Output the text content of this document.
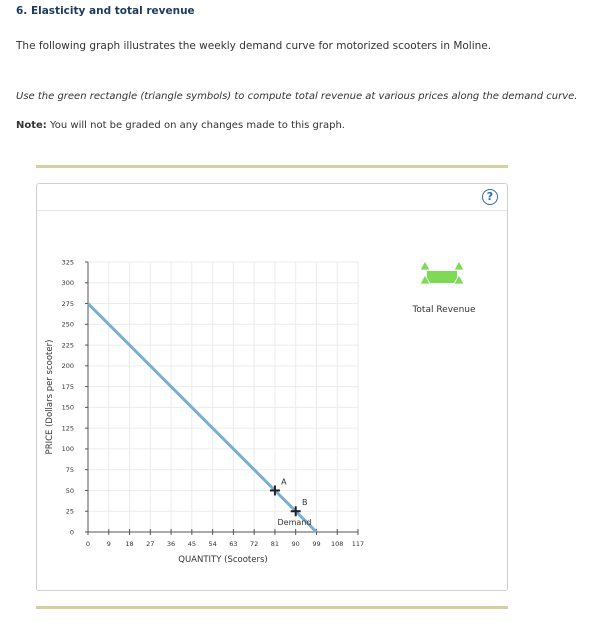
6. Elasticity and total revenue

The following graph illustrates the weekly demand curve for motorized scooters in Moline.

Use the green rectangle (triangle symbols) to compute total revenue at various prices along the demand curve.

Note: You will not be graded on any changes made to this graph.

?
0
25
50
75
100
125
150
175
200
225
250
275
300
325
0	9 18 27 36 45 54 63 72 81 90 99 108 117
PRICE (Dollars per scooter)
QUANTITY (Scooters)
A
B
Demand
Total Revenue
